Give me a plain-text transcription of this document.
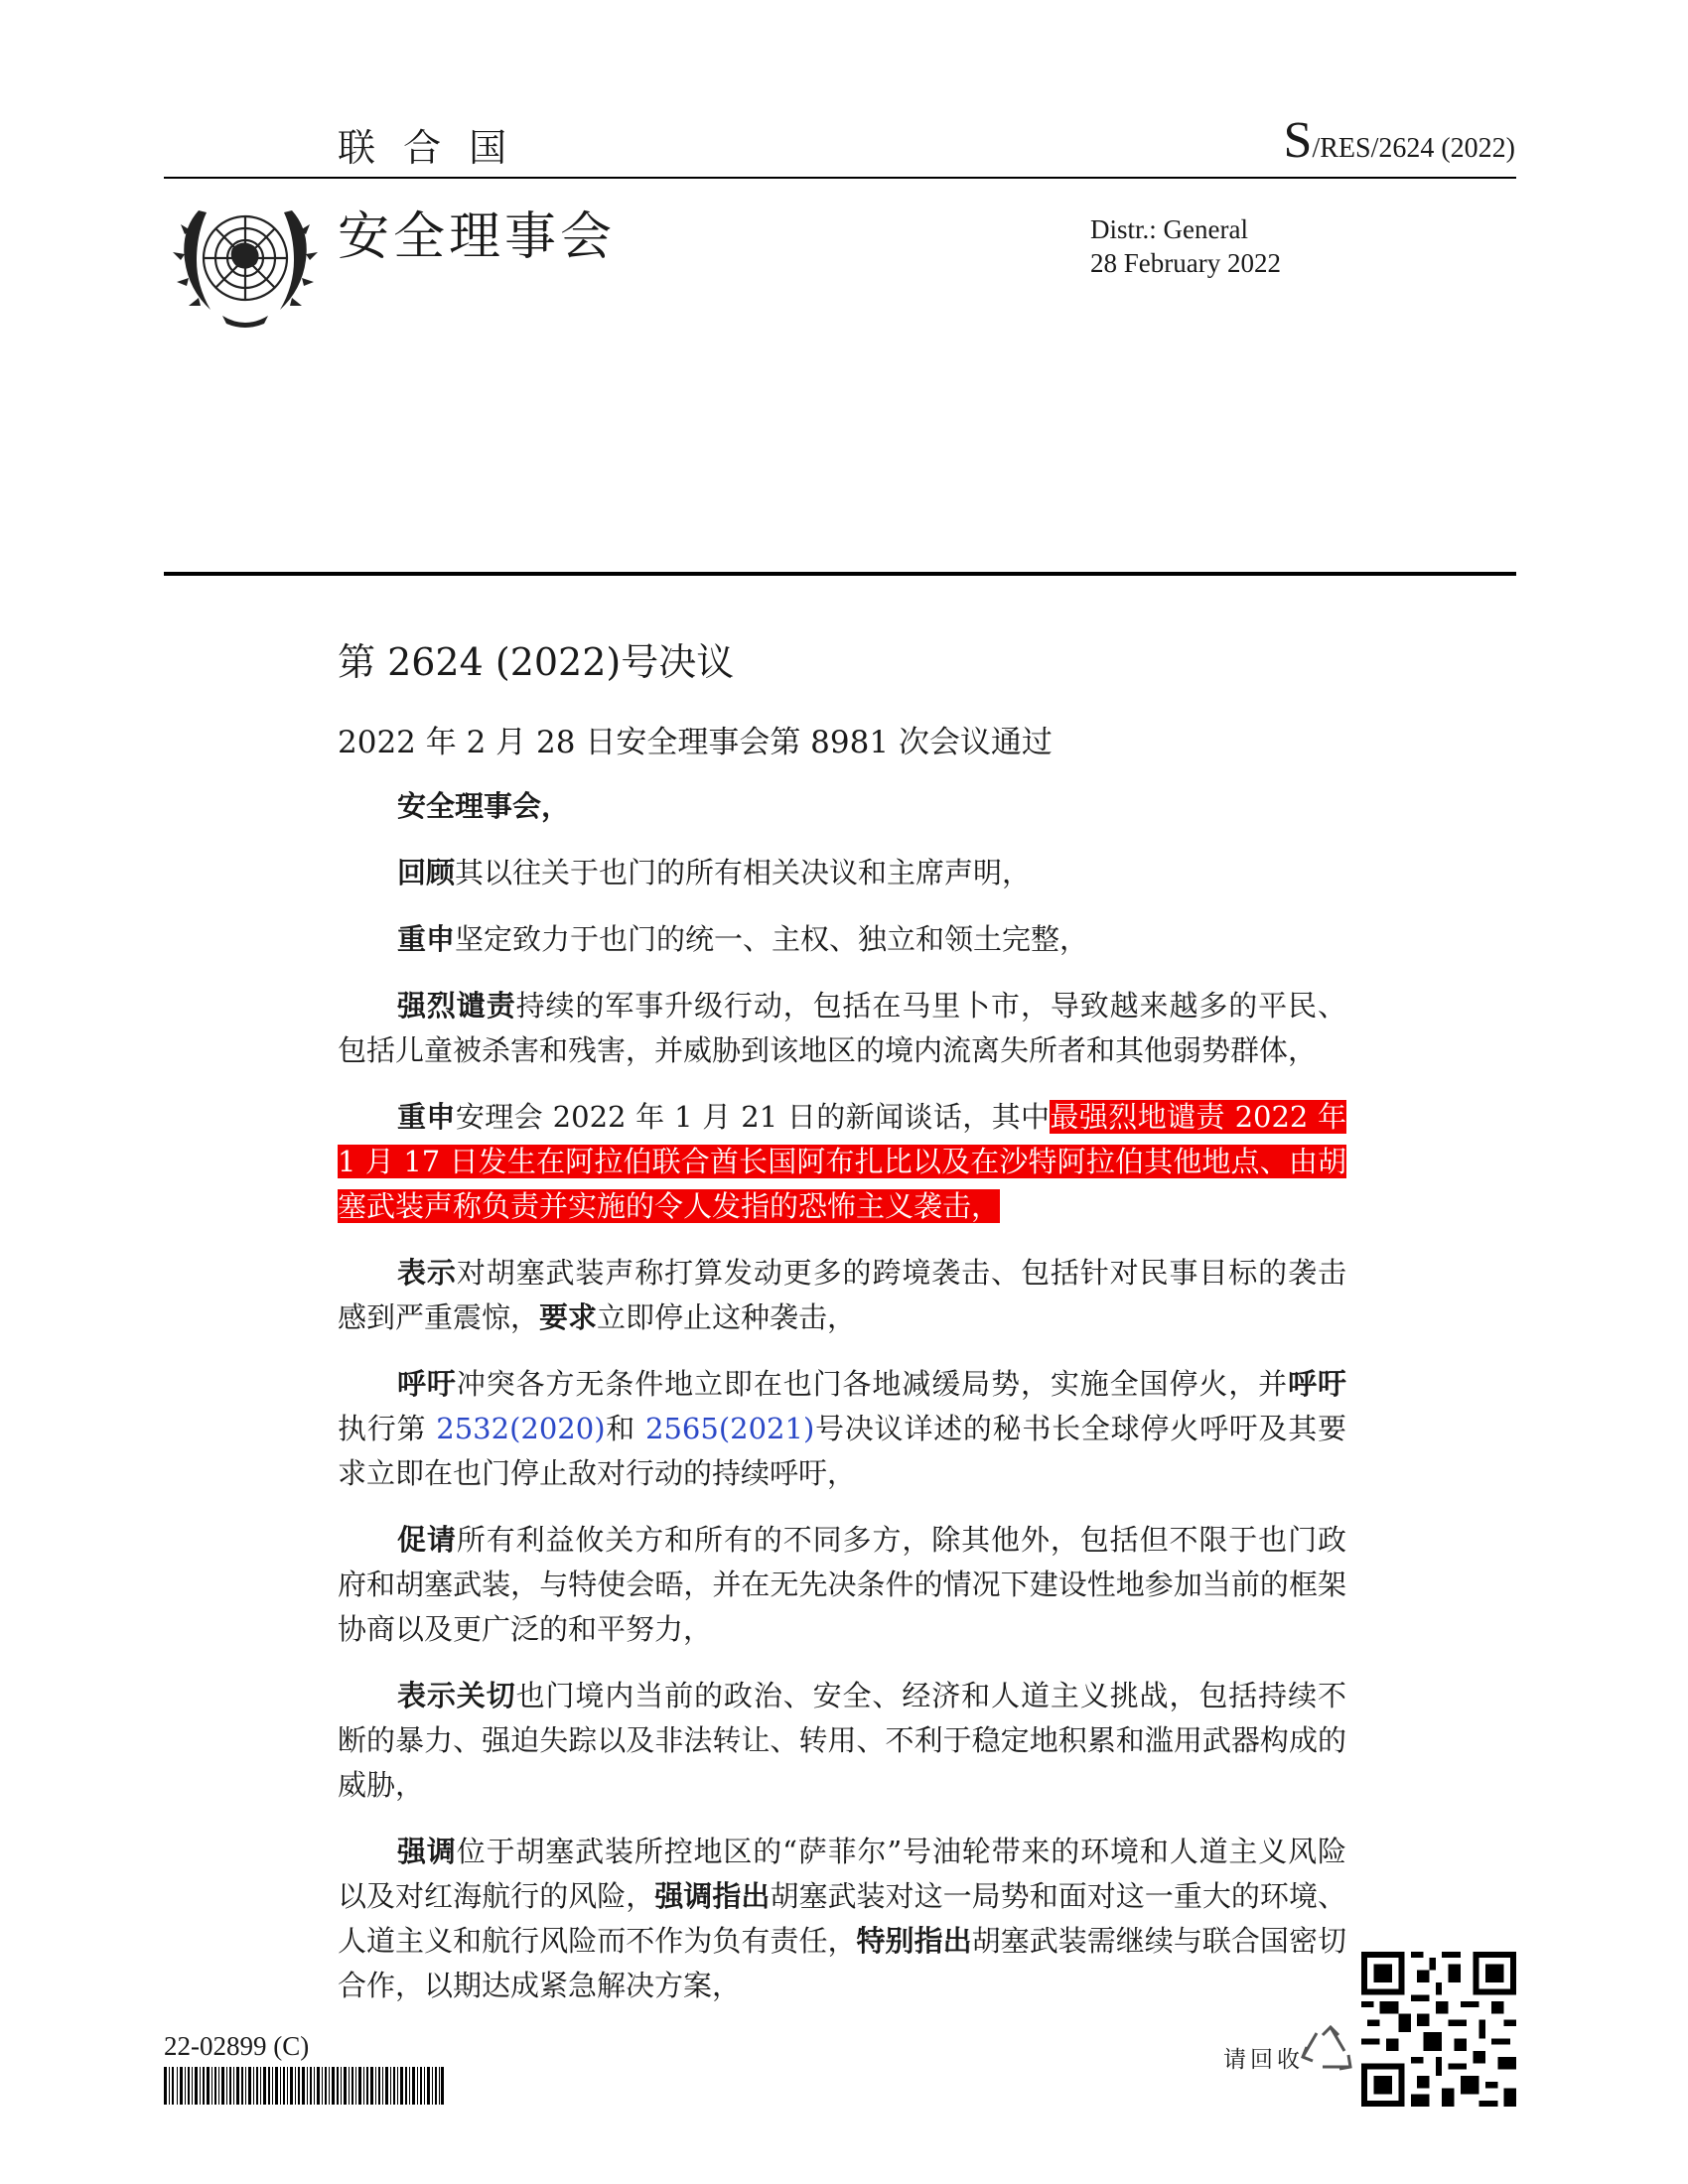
联 合 国	S/RES/2624 (2022)
安全理事会	Distr.: General
28 February 2022
第 2624 (2022)号决议
2022 年 2 月 28 日安全理事会第 8981 次会议通过

安全理事会，

回顾其以往关于也门的所有相关决议和主席声明，

重申坚定致力于也门的统一、主权、独立和领土完整，

强烈谴责持续的军事升级行动，包括在马里卜市，导致越来越多的平民、包括儿童被杀害和残害，并威胁到该地区的境内流离失所者和其他弱势群体，

重申安理会 2022 年 1 月 21 日的新闻谈话，其中最强烈地谴责 2022 年 1 月 17 日发生在阿拉伯联合酋长国阿布扎比以及在沙特阿拉伯其他地点、由胡塞武装声称负责并实施的令人发指的恐怖主义袭击，

表示对胡塞武装声称打算发动更多的跨境袭击、包括针对民事目标的袭击感到严重震惊，要求立即停止这种袭击，

呼吁冲突各方无条件地立即在也门各地减缓局势，实施全国停火，并呼吁执行第 2532(2020)和 2565(2021)号决议详述的秘书长全球停火呼吁及其要求立即在也门停止敌对行动的持续呼吁，

促请所有利益攸关方和所有的不同多方，除其他外，包括但不限于也门政府和胡塞武装，与特使会晤，并在无先决条件的情况下建设性地参加当前的框架协商以及更广泛的和平努力，

表示关切也门境内当前的政治、安全、经济和人道主义挑战，包括持续不断的暴力、强迫失踪以及非法转让、转用、不利于稳定地积累和滥用武器构成的威胁，

强调位于胡塞武装所控地区的“萨菲尔”号油轮带来的环境和人道主义风险以及对红海航行的风险，强调指出胡塞武装对这一局势和面对这一重大的环境、人道主义和航行风险而不作为负有责任，特别指出胡塞武装需继续与联合国密切合作，以期达成紧急解决方案，

22-02899 (C)	请回收
